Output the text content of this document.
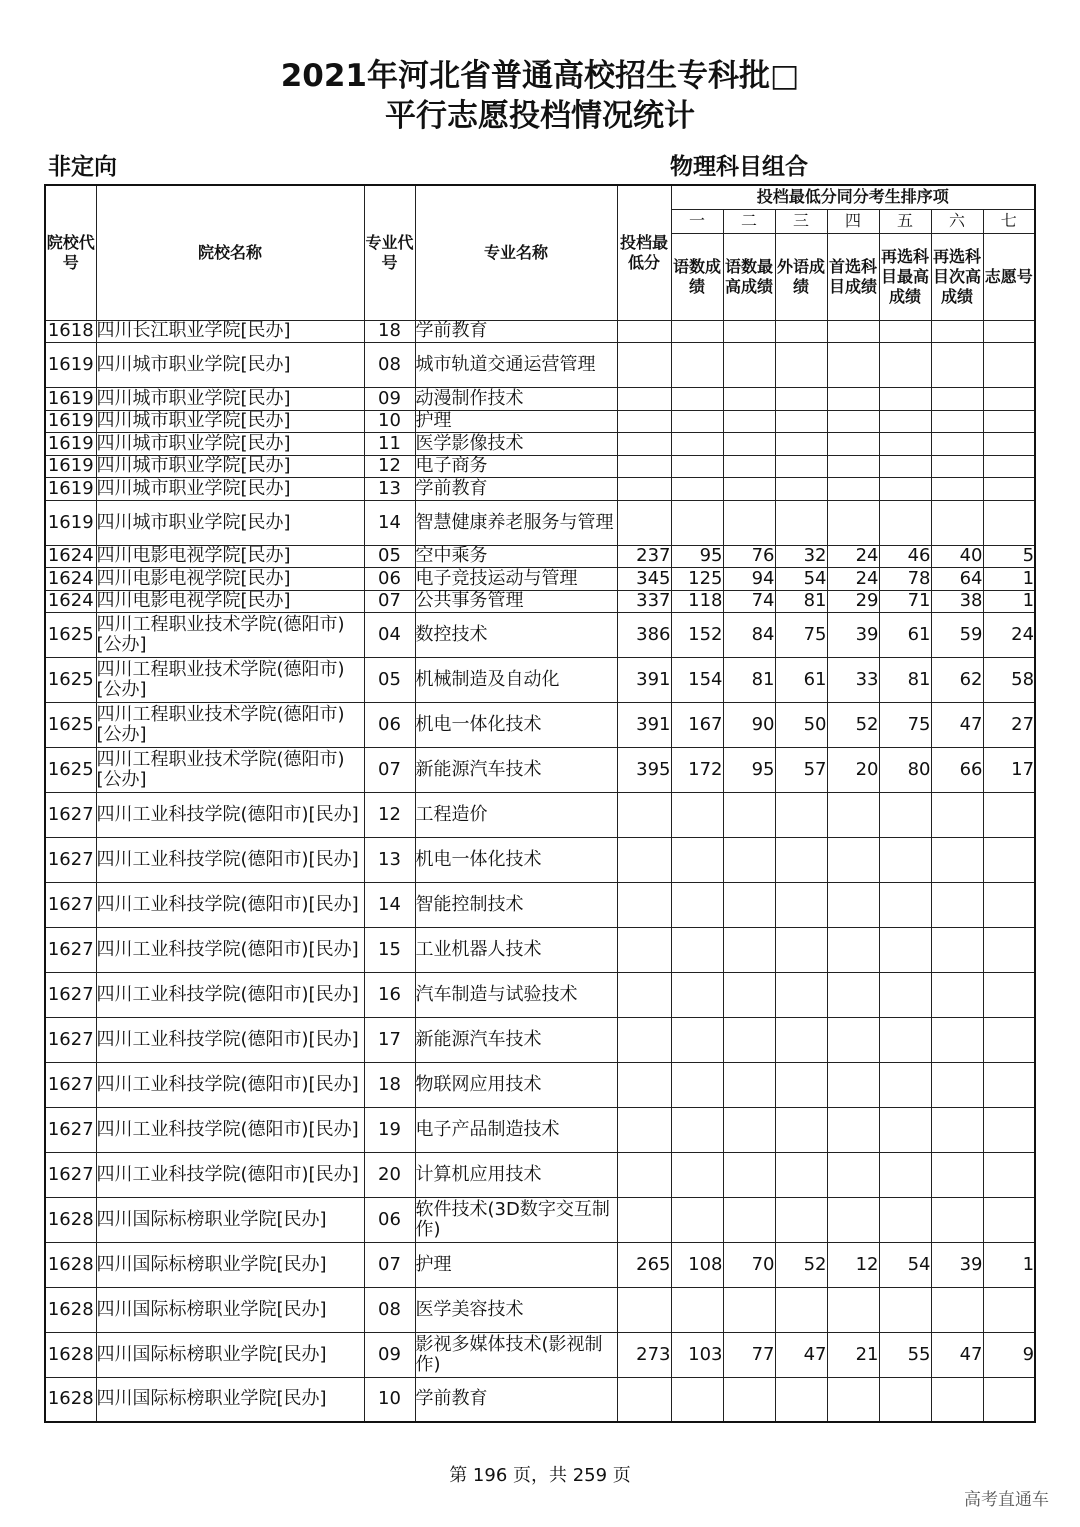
2021年河北省普通高校招生专科批□
平行志愿投档情况统计
非定向	物理科目组合
院校代号	院校名称	专业代号	专业名称	投档最低分	投档最低分同分考生排序项						
					一	二	三	四	五	六	七
					语数成绩	语数最高成绩	外语成绩	首选科目成绩	再选科目最高成绩	再选科目次高成绩	志愿号
1618	四川长江职业学院[民办]	18	学前教育								
1619	四川城市职业学院[民办]	08	城市轨道交通运营管理								
1619	四川城市职业学院[民办]	09	动漫制作技术								
1619	四川城市职业学院[民办]	10	护理								
1619	四川城市职业学院[民办]	11	医学影像技术								
1619	四川城市职业学院[民办]	12	电子商务								
1619	四川城市职业学院[民办]	13	学前教育								
1619	四川城市职业学院[民办]	14	智慧健康养老服务与管理								
1624	四川电影电视学院[民办]	05	空中乘务	237	95	76	32	24	46	40	5
1624	四川电影电视学院[民办]	06	电子竞技运动与管理	345	125	94	54	24	78	64	1
1624	四川电影电视学院[民办]	07	公共事务管理	337	118	74	81	29	71	38	1
1625	四川工程职业技术学院(德阳市)[公办]	04	数控技术	386	152	84	75	39	61	59	24
1625	四川工程职业技术学院(德阳市)[公办]	05	机械制造及自动化	391	154	81	61	33	81	62	58
1625	四川工程职业技术学院(德阳市)[公办]	06	机电一体化技术	391	167	90	50	52	75	47	27
1625	四川工程职业技术学院(德阳市)[公办]	07	新能源汽车技术	395	172	95	57	20	80	66	17
1627	四川工业科技学院(德阳市)[民办]	12	工程造价								
1627	四川工业科技学院(德阳市)[民办]	13	机电一体化技术								
1627	四川工业科技学院(德阳市)[民办]	14	智能控制技术								
1627	四川工业科技学院(德阳市)[民办]	15	工业机器人技术								
1627	四川工业科技学院(德阳市)[民办]	16	汽车制造与试验技术								
1627	四川工业科技学院(德阳市)[民办]	17	新能源汽车技术								
1627	四川工业科技学院(德阳市)[民办]	18	物联网应用技术								
1627	四川工业科技学院(德阳市)[民办]	19	电子产品制造技术								
1627	四川工业科技学院(德阳市)[民办]	20	计算机应用技术								
1628	四川国际标榜职业学院[民办]	06	软件技术(3D数字交互制作)								
1628	四川国际标榜职业学院[民办]	07	护理	265	108	70	52	12	54	39	1
1628	四川国际标榜职业学院[民办]	08	医学美容技术								
1628	四川国际标榜职业学院[民办]	09	影视多媒体技术(影视制作)	273	103	77	47	21	55	47	9
1628	四川国际标榜职业学院[民办]	10	学前教育								
第 196 页，共 259 页
高考直通车
